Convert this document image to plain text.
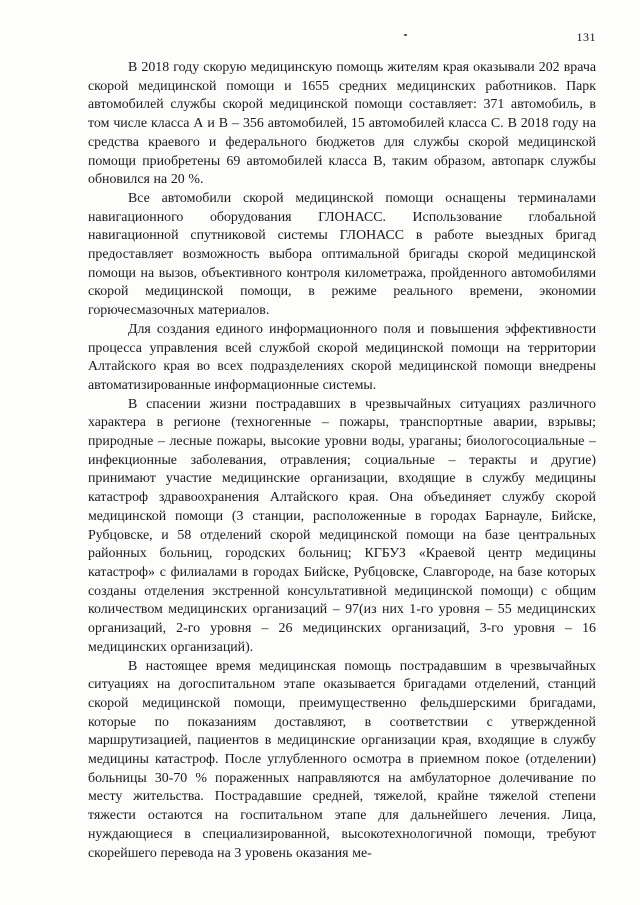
131

В 2018 году скорую медицинскую помощь жителям края оказывали 202 врача скорой медицинской помощи и 1655 средних медицинских работников. Парк автомобилей службы скорой медицинской помощи составляет: 371 автомобиль, в том числе класса А и В – 356 автомобилей, 15 автомобилей класса С. В 2018 году на средства краевого и федерального бюджетов для службы скорой медицинской помощи приобретены 69 автомобилей класса В, таким образом, автопарк службы обновился на 20 %.

Все автомобили скорой медицинской помощи оснащены терминалами навигационного оборудования ГЛОНАСС. Использование глобальной навигационной спутниковой системы ГЛОНАСС в работе выездных бригад предоставляет возможность выбора оптимальной бригады скорой медицинской помощи на вызов, объективного контроля километража, пройденного автомобилями скорой медицинской помощи, в режиме реального времени, экономии горючесмазочных материалов.

Для создания единого информационного поля и повышения эффективности процесса управления всей службой скорой медицинской помощи на территории Алтайского края во всех подразделениях скорой медицинской помощи внедрены автоматизированные информационные системы.

В спасении жизни пострадавших в чрезвычайных ситуациях различного характера в регионе (техногенные – пожары, транспортные аварии, взрывы; природные – лесные пожары, высокие уровни воды, ураганы; биологосоциальные – инфекционные заболевания, отравления; социальные – теракты и другие) принимают участие медицинские организации, входящие в службу медицины катастроф здравоохранения Алтайского края. Она объединяет службу скорой медицинской помощи (3 станции, расположенные в городах Барнауле, Бийске, Рубцовске, и 58 отделений скорой медицинской помощи на базе центральных районных больниц, городских больниц; КГБУЗ «Краевой центр медицины катастроф» с филиалами в городах Бийске, Рубцовске, Славгороде, на базе которых созданы отделения экстренной консультативной медицинской помощи) с общим количеством медицинских организаций – 97(из них 1-го уровня – 55 медицинских организаций, 2-го уровня – 26 медицинских организаций, 3-го уровня – 16 медицинских организаций).

В настоящее время медицинская помощь пострадавшим в чрезвычайных ситуациях на догоспитальном этапе оказывается бригадами отделений, станций скорой медицинской помощи, преимущественно фельдшерскими бригадами, которые по показаниям доставляют, в соответствии с утвержденной маршрутизацией, пациентов в медицинские организации края, входящие в службу медицины катастроф. После углубленного осмотра в приемном покое (отделении) больницы 30-70 % пораженных направляются на амбулаторное долечивание по месту жительства. Пострадавшие средней, тяжелой, крайне тяжелой степени тяжести остаются на госпитальном этапе для дальнейшего лечения. Лица, нуждающиеся в специализированной, высокотехнологичной помощи, требуют скорейшего перевода на 3 уровень оказания ме-
